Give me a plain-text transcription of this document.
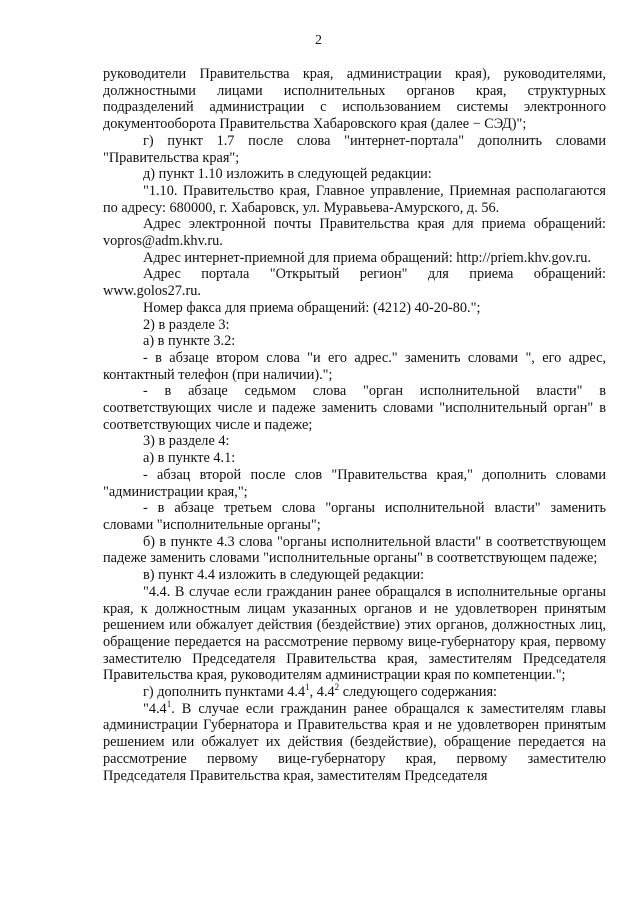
2

руководители Правительства края, администрации края), руководителями, должностными лицами исполнительных органов края, структурных подразделений администрации с использованием системы электронного документооборота Правительства Хабаровского края (далее − СЭД)";

г) пункт 1.7 после слова "интернет-портала" дополнить словами "Правительства края";

д) пункт 1.10 изложить в следующей редакции:

"1.10. Правительство края, Главное управление, Приемная располагаются по адресу: 680000, г. Хабаровск, ул. Муравьева-Амурского, д. 56.

Адрес электронной почты Правительства края для приема обращений: vopros@adm.khv.ru.

Адрес интернет-приемной для приема обращений: http://priem.khv.gov.ru.

Адрес портала "Открытый регион" для приема обращений: www.golos27.ru.

Номер факса для приема обращений: (4212) 40-20-80.";

2) в разделе 3:

а) в пункте 3.2:

- в абзаце втором слова "и его адрес." заменить словами ", его адрес, контактный телефон (при наличии).";

- в абзаце седьмом слова "орган исполнительной власти" в соответствующих числе и падеже заменить словами "исполнительный орган" в соответствующих числе и падеже;

3) в разделе 4:

а) в пункте 4.1:

- абзац второй после слов "Правительства края," дополнить словами "администрации края,";

- в абзаце третьем слова "органы исполнительной власти" заменить словами "исполнительные органы";

б) в пункте 4.3 слова "органы исполнительной власти" в соответствующем падеже заменить словами "исполнительные органы" в соответствующем падеже;

в) пункт 4.4 изложить в следующей редакции:

"4.4. В случае если гражданин ранее обращался в исполнительные органы края, к должностным лицам указанных органов и не удовлетворен принятым решением или обжалует действия (бездействие) этих органов, должностных лиц, обращение передается на рассмотрение первому вице-губернатору края, первому заместителю Председателя Правительства края, заместителям Председателя Правительства края, руководителям администрации края по компетенции.";

г) дополнить пунктами $4.4^1$, $4.4^2$ следующего содержания:

"$4.4^1$. В случае если гражданин ранее обращался к заместителям главы администрации Губернатора и Правительства края и не удовлетворен принятым решением или обжалует их действия (бездействие), обращение передается на рассмотрение первому вице-губернатору края, первому заместителю Председателя Правительства края, заместителям Председателя
